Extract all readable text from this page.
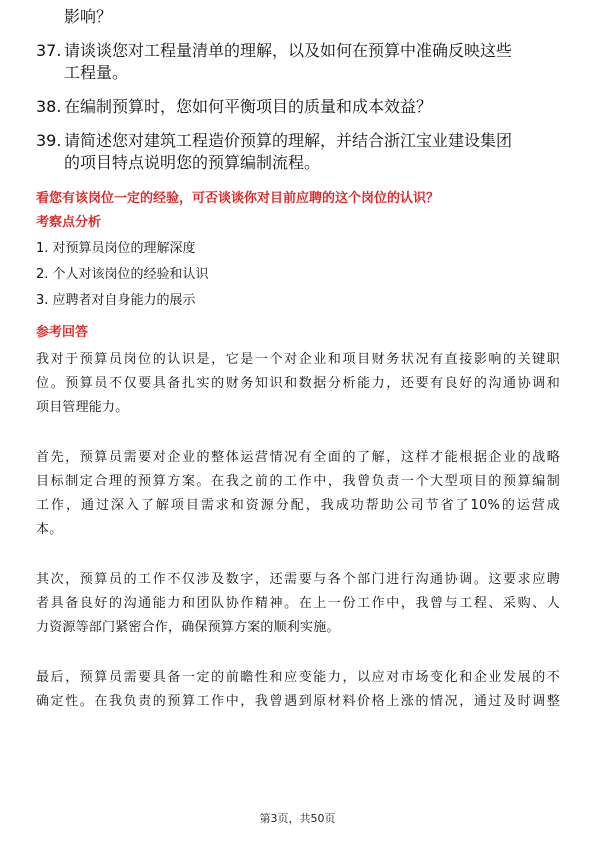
影响？
37. 请谈谈您对工程量清单的理解，以及如何在预算中准确反映这些
工程量。
38. 在编制预算时，您如何平衡项目的质量和成本效益？
39. 请简述您对建筑工程造价预算的理解，并结合浙江宝业建设集团
的项目特点说明您的预算编制流程。
看您有该岗位一定的经验，可否谈谈你对目前应聘的这个岗位的认识？
考察点分析
1. 对预算员岗位的理解深度
2. 个人对该岗位的经验和认识
3. 应聘者对自身能力的展示
参考回答
我对于预算员岗位的认识是，它是一个对企业和项目财务状况有直接影响的关键职
位。预算员不仅要具备扎实的财务知识和数据分析能力，还要有良好的沟通协调和
项目管理能力。
首先，预算员需要对企业的整体运营情况有全面的了解，这样才能根据企业的战略
目标制定合理的预算方案。在我之前的工作中，我曾负责一个大型项目的预算编制
工作，通过深入了解项目需求和资源分配，我成功帮助公司节省了10%的运营成
本。
其次，预算员的工作不仅涉及数字，还需要与各个部门进行沟通协调。这要求应聘
者具备良好的沟通能力和团队协作精神。在上一份工作中，我曾与工程、采购、人
力资源等部门紧密合作，确保预算方案的顺利实施。
最后，预算员需要具备一定的前瞻性和应变能力，以应对市场变化和企业发展的不
确定性。在我负责的预算工作中，我曾遇到原材料价格上涨的情况，通过及时调整
第3页，共50页
